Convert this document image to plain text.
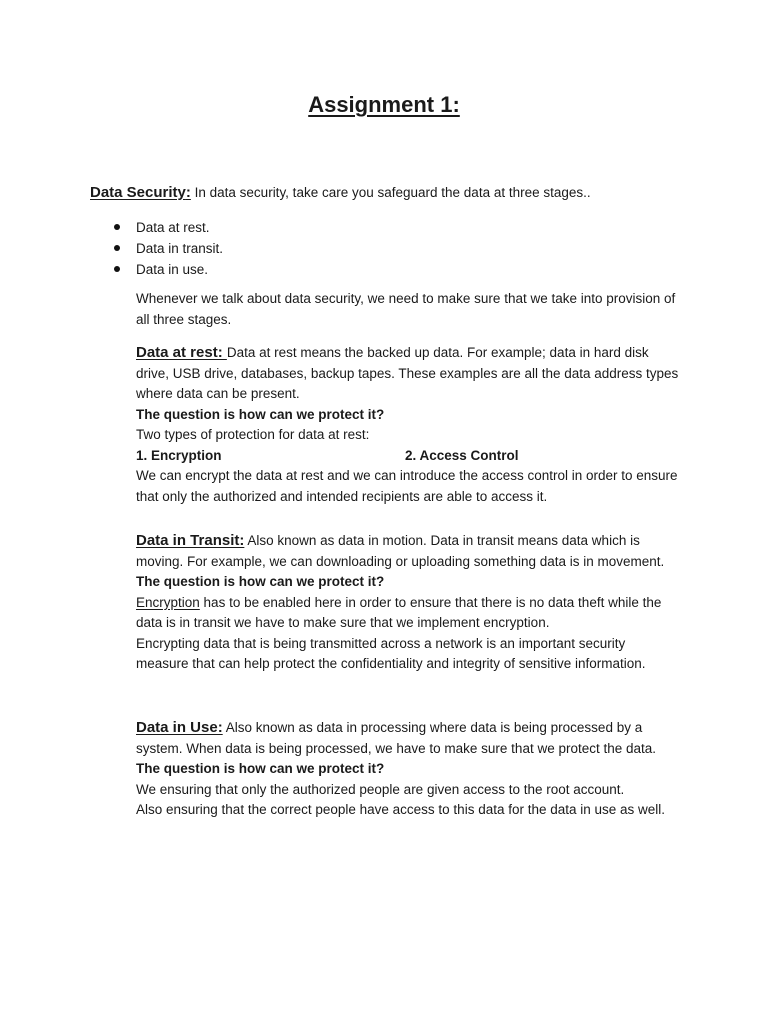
Assignment 1:
Data Security: In data security, take care you safeguard the data at three stages..
Data at rest.
Data in transit.
Data in use.

Whenever we talk about data security, we need to make sure that we take into provision of all three stages.

Data at rest: Data at rest means the backed up data. For example; data in hard disk drive, USB drive, databases, backup tapes. These examples are all the data address types where data can be present.

The question is how can we protect it?

Two types of protection for data at rest:

1. Encryption	2. Access Control

We can encrypt the data at rest and we can introduce the access control in order to ensure that only the authorized and intended recipients are able to access it.

Data in Transit: Also known as data in motion. Data in transit means data which is moving. For example, we can downloading or uploading something data is in movement.

The question is how can we protect it?

Encryption has to be enabled here in order to ensure that there is no data theft while the data is in transit we have to make sure that we implement encryption.

Encrypting data that is being transmitted across a network is an important security measure that can help protect the confidentiality and integrity of sensitive information.

Data in Use: Also known as data in processing where data is being processed by a system. When data is being processed, we have to make sure that we protect the data.

The question is how can we protect it?

We ensuring that only the authorized people are given access to the root account.

Also ensuring that the correct people have access to this data for the data in use as well.
